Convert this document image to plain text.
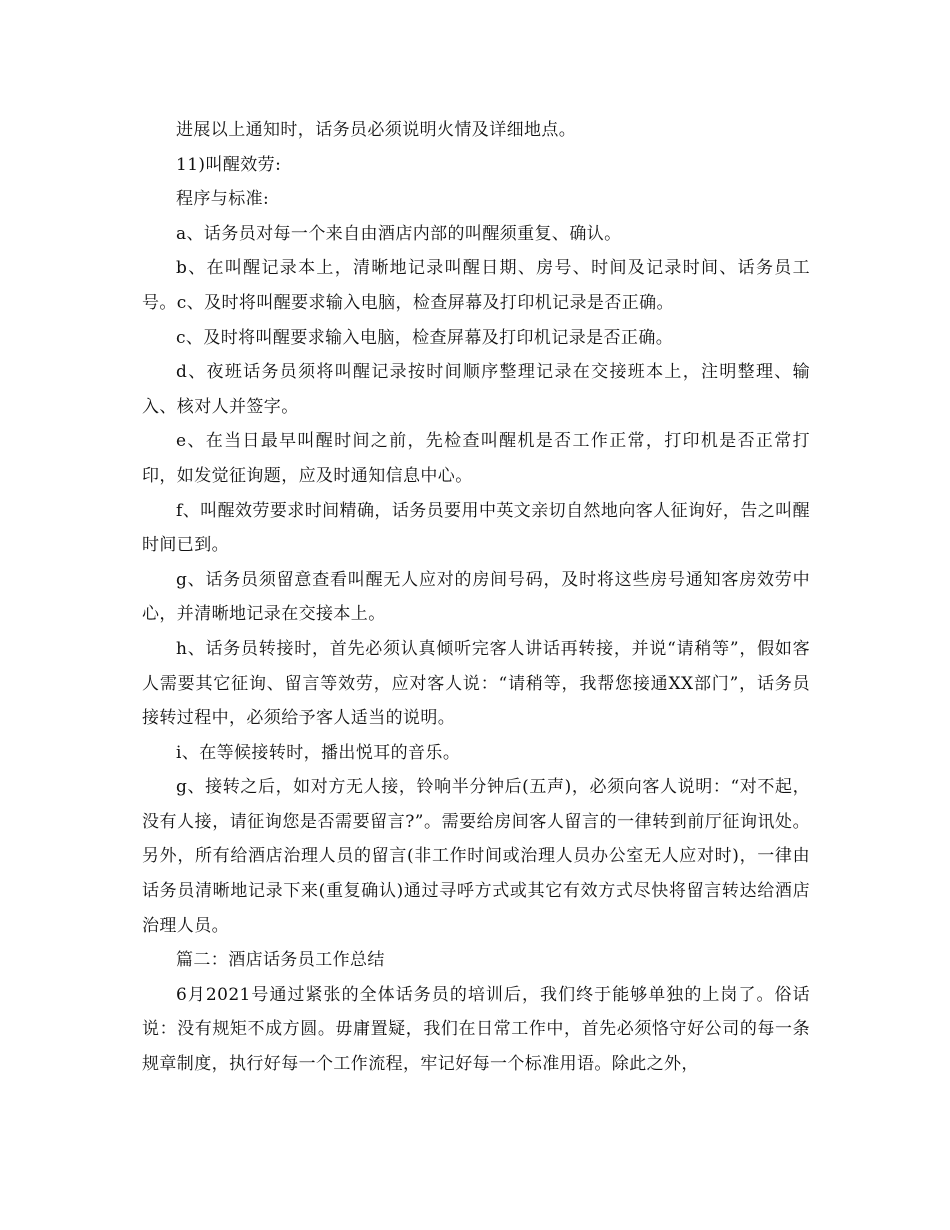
进展以上通知时，话务员必须说明火情及详细地点。

11)叫醒效劳:

程序与标准:

a、话务员对每一个来自由酒店内部的叫醒须重复、确认。

b、在叫醒记录本上，清晰地记录叫醒日期、房号、时间及记录时间、话务员工号。c、及时将叫醒要求输入电脑，检查屏幕及打印机记录是否正确。

c、及时将叫醒要求输入电脑，检查屏幕及打印机记录是否正确。

d、夜班话务员须将叫醒记录按时间顺序整理记录在交接班本上，注明整理、输入、核对人并签字。

e、在当日最早叫醒时间之前，先检查叫醒机是否工作正常，打印机是否正常打印，如发觉征询题，应及时通知信息中心。

f、叫醒效劳要求时间精确，话务员要用中英文亲切自然地向客人征询好，告之叫醒时间已到。

g、话务员须留意查看叫醒无人应对的房间号码，及时将这些房号通知客房效劳中心，并清晰地记录在交接本上。

h、话务员转接时，首先必须认真倾听完客人讲话再转接，并说“请稍等”，假如客人需要其它征询、留言等效劳，应对客人说：“请稍等，我帮您接通XX部门”，话务员接转过程中，必须给予客人适当的说明。

i、在等候接转时，播出悦耳的音乐。

g、接转之后，如对方无人接，铃响半分钟后(五声)，必须向客人说明：“对不起，没有人接，请征询您是否需要留言?”。需要给房间客人留言的一律转到前厅征询讯处。另外，所有给酒店治理人员的留言(非工作时间或治理人员办公室无人应对时)，一律由话务员清晰地记录下来(重复确认)通过寻呼方式或其它有效方式尽快将留言转达给酒店治理人员。

篇二：酒店话务员工作总结

6月2021号通过紧张的全体话务员的培训后，我们终于能够单独的上岗了。俗话说：没有规矩不成方圆。毋庸置疑，我们在日常工作中，首先必须恪守好公司的每一条规章制度，执行好每一个工作流程，牢记好每一个标准用语。除此之外，
